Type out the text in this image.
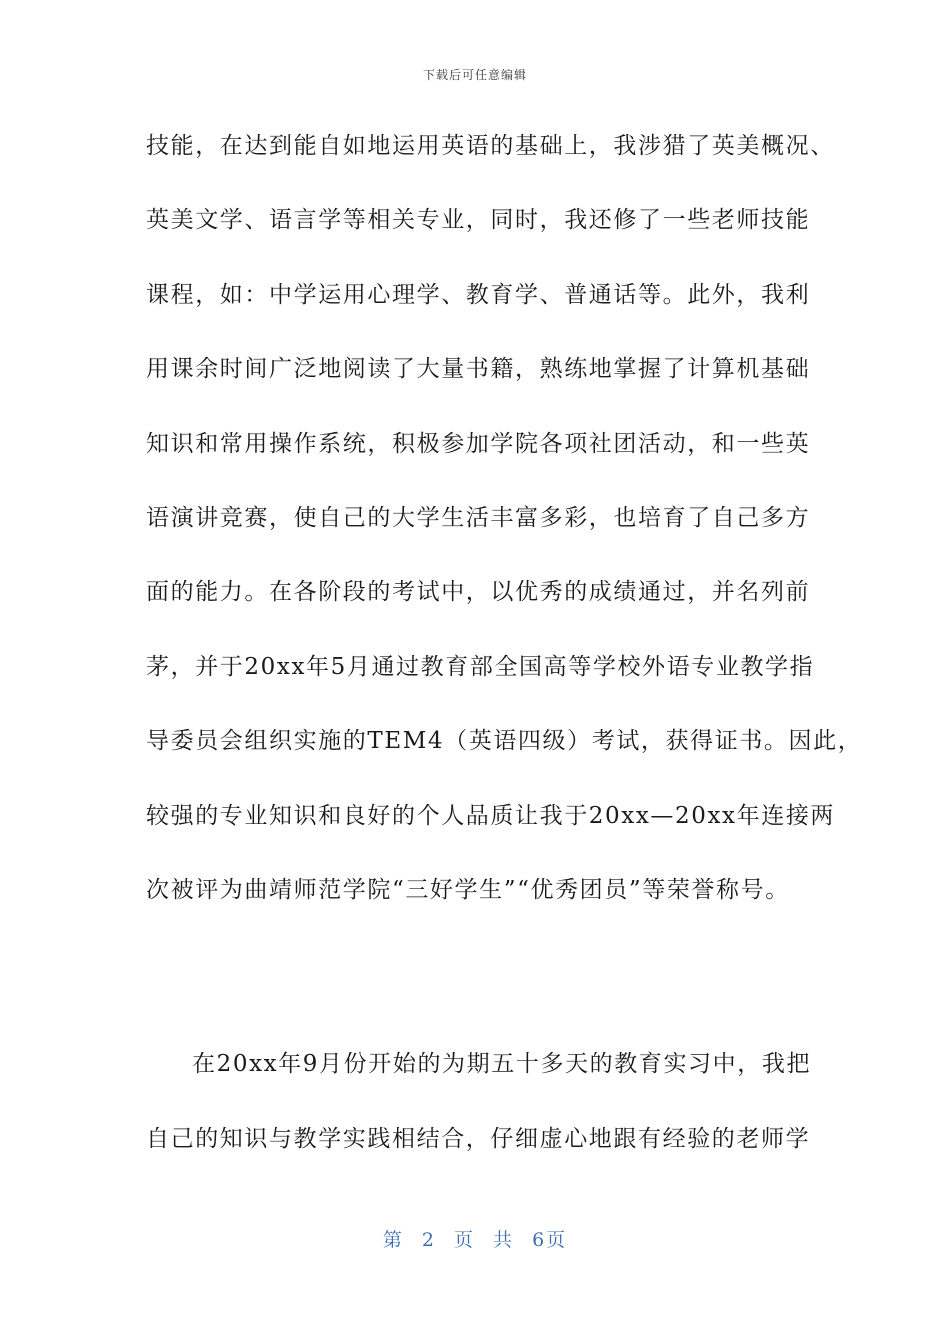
下载后可任意编辑
技能，在达到能自如地运用英语的基础上，我涉猎了英美概况、
英美文学、语言学等相关专业，同时，我还修了一些老师技能
课程，如：中学运用心理学、教育学、普通话等。此外，我利
用课余时间广泛地阅读了大量书籍，熟练地掌握了计算机基础
知识和常用操作系统，积极参加学院各项社团活动，和一些英
语演讲竞赛，使自己的大学生活丰富多彩，也培育了自己多方
面的能力。在各阶段的考试中，以优秀的成绩通过，并名列前
茅，并于20xx年5月通过教育部全国高等学校外语专业教学指
导委员会组织实施的TEM4（英语四级）考试，获得证书。因此，
较强的专业知识和良好的个人品质让我于20xx—20xx年连接两
次被评为曲靖师范学院“三好学生”“优秀团员”等荣誉称号。
在20xx年9月份开始的为期五十多天的教育实习中，我把
自己的知识与教学实践相结合，仔细虚心地跟有经验的老师学
第 2 页 共 6页
